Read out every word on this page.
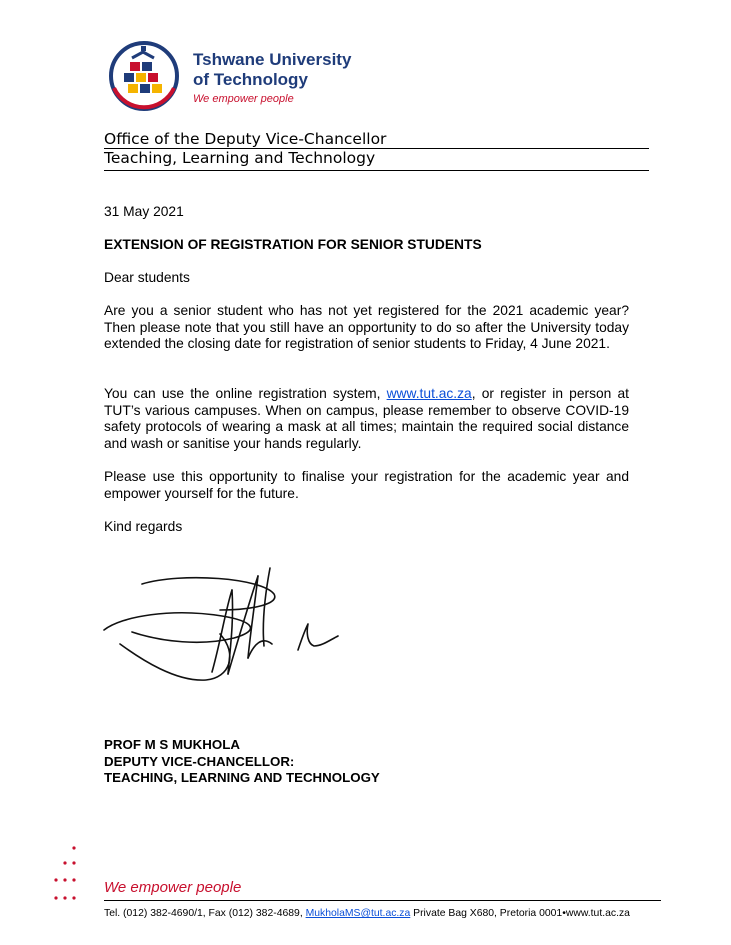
Tshwane University
of Technology
We empower people
Office of the Deputy Vice-Chancellor
Teaching, Learning and Technology
31 May 2021
EXTENSION OF REGISTRATION FOR SENIOR STUDENTS
Dear students
Are you a senior student who has not yet registered for the 2021 academic year? Then please note that you still have an opportunity to do so after the University today extended the closing date for registration of senior students to Friday, 4 June 2021.
You can use the online registration system, www.tut.ac.za, or register in person at TUT’s various campuses. When on campus, please remember to observe COVID-19 safety protocols of wearing a mask at all times; maintain the required social distance and wash or sanitise your hands regularly.
Please use this opportunity to finalise your registration for the academic year and empower yourself for the future.
Kind regards
PROF M S MUKHOLA
DEPUTY VICE-CHANCELLOR:
TEACHING, LEARNING AND TECHNOLOGY
We empower people
Tel. (012) 382-4690/1, Fax (012) 382-4689, MukholaMS@tut.ac.za Private Bag X680, Pretoria 0001•www.tut.ac.za
